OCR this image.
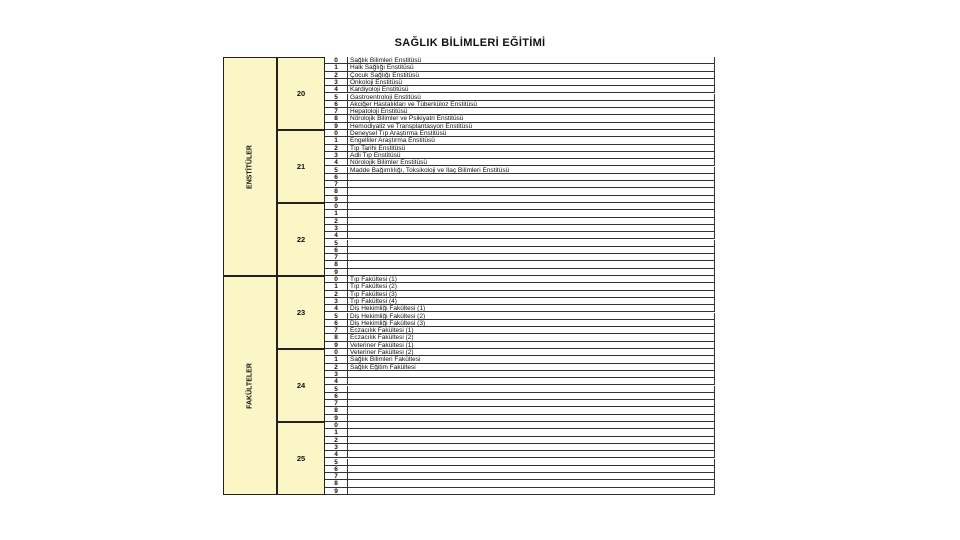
SAĞLIK BİLİMLERİ EĞİTİMİ
ENSTİTÜLER
20
0	Sağlık Bilimleri Enstitüsü
1	Halk Sağlığı Enstitüsü
2	Çocuk Sağlığı Enstitüsü
3	Onkoloji Enstitüsü
4	Kardiyoloji Enstitüsü
5	Gastroentroloji Enstitüsü
6	Akciğer Hastalıkları ve Tüberküloz Enstitüsü
7	Hepatoloji Enstitüsü
8	Nörolojik Bilimler ve Psikiyatri Enstitüsü
9	Hemodiyaliz ve Transplantasyon Enstitüsü
21
0	Deneysel Tıp Araştırma Enstitüsü
1	Engelliler Araştırma Enstitüsü
2	Tıp Tarihi Enstitüsü
3	Adli Tıp Enstitüsü
4	Nörolojik Bilimler Enstitüsü
5	Madde Bağımlılığı, Toksikoloji ve İlaç Bilimleri Enstitüsü
6
7
8
9
22
0
1
2
3
4
5
6
7
8
9
FAKÜLTELER
23
0	Tıp Fakültesi (1)
1	Tıp Fakültesi (2)
2	Tıp Fakültesi (3)
3	Tıp Fakültesi (4)
4	Diş Hekimliği Fakültesi (1)
5	Diş Hekimliği Fakültesi (2)
6	Diş Hekimliği Fakültesi (3)
7	Eczacılık Fakültesi (1)
8	Eczacılık Fakültesi (2)
9	Veteriner Fakültesi (1)
24
0	Veteriner Fakültesi (2)
1	Sağlık Bilimleri Fakültesi
2	Sağlık Eğitim Fakültesi
3
4
5
6
7
8
9
25
0
1
2
3
4
5
6
7
8
9
